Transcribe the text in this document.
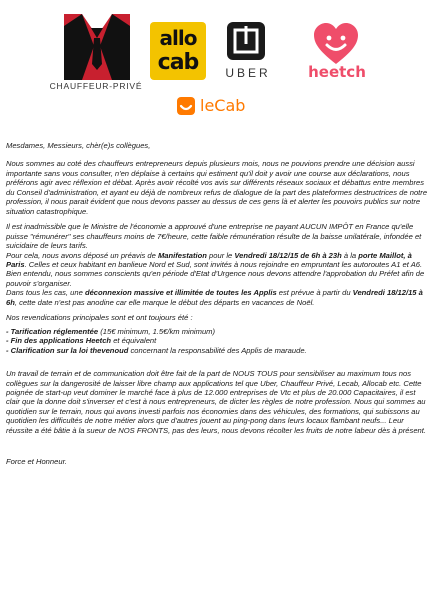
CHAUFFEUR-PRIVÉ
allo
cab	UBER	heetch
leCab

Mesdames, Messieurs, chèr(e)s collègues,

Nous sommes au coté des chauffeurs entrepreneurs depuis plusieurs mois, nous ne pouvions prendre une décision aussi importante sans vous consulter, n'en déplaise à certains qui estiment qu'il doit y avoir une course aux déclarations, nous préférons agir avec réflexion et débat. Après avoir récolté vos avis sur différents réseaux sociaux et débattus entre membres du Conseil d'administration, et ayant eu déjà de nombreux refus de dialogue de la part des plateformes destructrices de notre profession, il nous parait évident que nous devons passer au dessus de ces gens là et alerter les pouvoirs publics sur notre situation catastrophique.

Il est inadmissible que le Ministre de l'économie a approuvé d'une entreprise ne payant AUCUN IMPÔT en France qu'elle puisse "rémunérer" ses chauffeurs moins de 7€/heure, cette faible rémunération résulte de la baisse unilatérale, infondée et suicidaire de leurs tarifs.

Pour cela, nous avons déposé un préavis de Manifestation pour le Vendredi 18/12/15 de 6h à 23h à la porte Maillot, à Paris. Celles et ceux habitant en banlieue Nord et Sud, sont invités à nous rejoindre en empruntant les autoroutes A1 et A6.

Bien entendu, nous sommes conscients qu'en période d'Etat d'Urgence nous devons attendre l'approbation du Préfet afin de pouvoir s'organiser.

Dans tous les cas, une déconnexion massive et illimitée de toutes les Applis est prévue à partir du Vendredi 18/12/15 à 6h, cette date n'est pas anodine car elle marque le début des départs en vacances de Noël.

Nos revendications principales sont et ont toujours été :

- Tarification réglementée (15€ minimum, 1.5€/km minimum)
- Fin des applications Heetch et équivalent
- Clarification sur la loi thevenoud concernant la responsabilité des Applis de maraude.

Un travail de terrain et de communication doit être fait de la part de NOUS TOUS pour sensibiliser au maximum tous nos collègues sur la dangerosité de laisser libre champ aux applications tel que Uber, Chauffeur Privé, Lecab, Allocab etc. Cette poignée de start-up veut dominer le marché face à plus de 12.000 entreprises de Vtc et plus de 20.000 Capacitaires, il est clair que la donne doit s'inverser et c'est à nous entrepreneurs, de dicter les règles de notre profession. Nous qui sommes au quotidien sur le terrain, nous qui avons investi parfois nos économies dans des véhicules, des formations, qui subissons au quotidien les difficultés de notre métier alors que d'autres jouent au ping-pong dans leurs locaux flambant neufs... Leur réussite a été bâtie à la sueur de NOS FRONTS, pas des leurs, nous devons récolter les fruits de notre labeur dès à présent.

Force et Honneur.
